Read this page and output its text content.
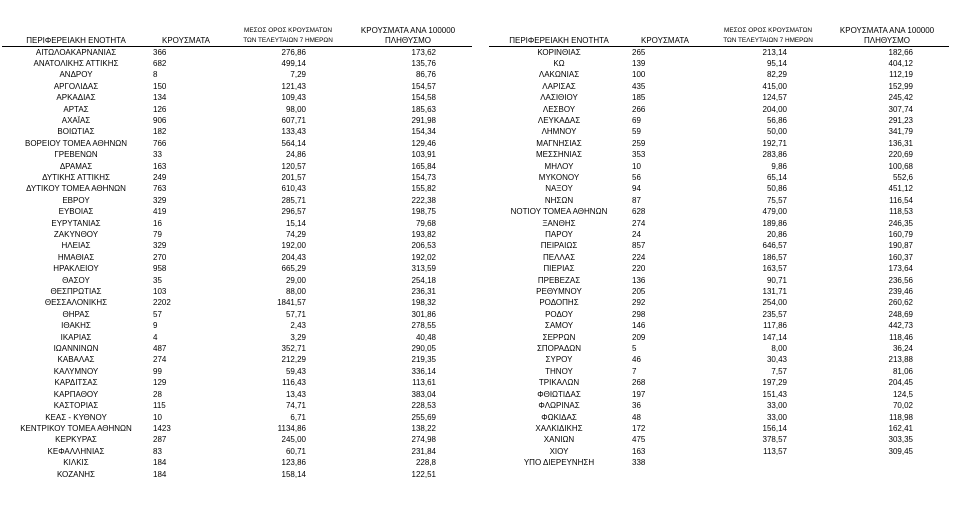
ΠΕΡΙΦΕΡΕΙΑΚΗ ΕΝΟΤΗΤΑ	ΚΡΟΥΣΜΑΤΑ	ΜΕΣΟΣ ΟΡΟΣ ΚΡΟΥΣΜΑΤΩΝ
ΤΩΝ ΤΕΛΕΥΤΑΙΩΝ 7 ΗΜΕΡΩΝ	ΚΡΟΥΣΜΑΤΑ ΑΝΑ 100000
ΠΛΗΘΥΣΜΟ
ΑΙΤΩΛΟΑΚΑΡΝΑΝΙΑΣ	366	276,86	173,62
ΑΝΑΤΟΛΙΚΗΣ ΑΤΤΙΚΗΣ	682	499,14	135,76
ΑΝΔΡΟΥ	8	7,29	86,76
ΑΡΓΟΛΙΔΑΣ	150	121,43	154,57
ΑΡΚΑΔΙΑΣ	134	109,43	154,58
ΑΡΤΑΣ	126	98,00	185,63
ΑΧΑΪΑΣ	906	607,71	291,98
ΒΟΙΩΤΙΑΣ	182	133,43	154,34
ΒΟΡΕΙΟΥ ΤΟΜΕΑ ΑΘΗΝΩΝ	766	564,14	129,46
ΓΡΕΒΕΝΩΝ	33	24,86	103,91
ΔΡΑΜΑΣ	163	120,57	165,84
ΔΥΤΙΚΗΣ ΑΤΤΙΚΗΣ	249	201,57	154,73
ΔΥΤΙΚΟΥ ΤΟΜΕΑ ΑΘΗΝΩΝ	763	610,43	155,82
ΕΒΡΟΥ	329	285,71	222,38
ΕΥΒΟΙΑΣ	419	296,57	198,75
ΕΥΡΥΤΑΝΙΑΣ	16	15,14	79,68
ΖΑΚΥΝΘΟΥ	79	74,29	193,82
ΗΛΕΙΑΣ	329	192,00	206,53
ΗΜΑΘΙΑΣ	270	204,43	192,02
ΗΡΑΚΛΕΙΟΥ	958	665,29	313,59
ΘΑΣΟΥ	35	29,00	254,18
ΘΕΣΠΡΩΤΙΑΣ	103	88,00	236,31
ΘΕΣΣΑΛΟΝΙΚΗΣ	2202	1841,57	198,32
ΘΗΡΑΣ	57	57,71	301,86
ΙΘΑΚΗΣ	9	2,43	278,55
ΙΚΑΡΙΑΣ	4	3,29	40,48
ΙΩΑΝΝΙΝΩΝ	487	352,71	290,05
ΚΑΒΑΛΑΣ	274	212,29	219,35
ΚΑΛΥΜΝΟΥ	99	59,43	336,14
ΚΑΡΔΙΤΣΑΣ	129	116,43	113,61
ΚΑΡΠΑΘΟΥ	28	13,43	383,04
ΚΑΣΤΟΡΙΑΣ	115	74,71	228,53
ΚΕΑΣ - ΚΥΘΝΟΥ	10	6,71	255,69
ΚΕΝΤΡΙΚΟΥ ΤΟΜΕΑ ΑΘΗΝΩΝ	1423	1134,86	138,22
ΚΕΡΚΥΡΑΣ	287	245,00	274,98
ΚΕΦΑΛΛΗΝΙΑΣ	83	60,71	231,84
ΚΙΛΚΙΣ	184	123,86	228,8
ΚΟΖΑΝΗΣ	184	158,14	122,51
ΠΕΡΙΦΕΡΕΙΑΚΗ ΕΝΟΤΗΤΑ	ΚΡΟΥΣΜΑΤΑ	ΜΕΣΟΣ ΟΡΟΣ ΚΡΟΥΣΜΑΤΩΝ
ΤΩΝ ΤΕΛΕΥΤΑΙΩΝ 7 ΗΜΕΡΩΝ	ΚΡΟΥΣΜΑΤΑ ΑΝΑ 100000
ΠΛΗΘΥΣΜΟ
ΚΟΡΙΝΘΙΑΣ	265	213,14	182,66
ΚΩ	139	95,14	404,12
ΛΑΚΩΝΙΑΣ	100	82,29	112,19
ΛΑΡΙΣΑΣ	435	415,00	152,99
ΛΑΣΙΘΙΟΥ	185	124,57	245,42
ΛΕΣΒΟΥ	266	204,00	307,74
ΛΕΥΚΑΔΑΣ	69	56,86	291,23
ΛΗΜΝΟΥ	59	50,00	341,79
ΜΑΓΝΗΣΙΑΣ	259	192,71	136,31
ΜΕΣΣΗΝΙΑΣ	353	283,86	220,69
ΜΗΛΟΥ	10	9,86	100,68
ΜΥΚΟΝΟΥ	56	65,14	552,6
ΝΑΞΟΥ	94	50,86	451,12
ΝΗΣΩΝ	87	75,57	116,54
ΝΟΤΙΟΥ ΤΟΜΕΑ ΑΘΗΝΩΝ	628	479,00	118,53
ΞΑΝΘΗΣ	274	189,86	246,35
ΠΑΡΟΥ	24	20,86	160,79
ΠΕΙΡΑΙΩΣ	857	646,57	190,87
ΠΕΛΛΑΣ	224	186,57	160,37
ΠΙΕΡΙΑΣ	220	163,57	173,64
ΠΡΕΒΕΖΑΣ	136	90,71	236,56
ΡΕΘΥΜΝΟΥ	205	131,71	239,46
ΡΟΔΟΠΗΣ	292	254,00	260,62
ΡΟΔΟΥ	298	235,57	248,69
ΣΑΜΟΥ	146	117,86	442,73
ΣΕΡΡΩΝ	209	147,14	118,46
ΣΠΟΡΑΔΩΝ	5	8,00	36,24
ΣΥΡΟΥ	46	30,43	213,88
ΤΗΝΟΥ	7	7,57	81,06
ΤΡΙΚΑΛΩΝ	268	197,29	204,45
ΦΘΙΩΤΙΔΑΣ	197	151,43	124,5
ΦΛΩΡΙΝΑΣ	36	33,00	70,02
ΦΩΚΙΔΑΣ	48	33,00	118,98
ΧΑΛΚΙΔΙΚΗΣ	172	156,14	162,41
ΧΑΝΙΩΝ	475	378,57	303,35
ΧΙΟΥ	163	113,57	309,45
ΥΠΟ ΔΙΕΡΕΥΝΗΣΗ	338		
